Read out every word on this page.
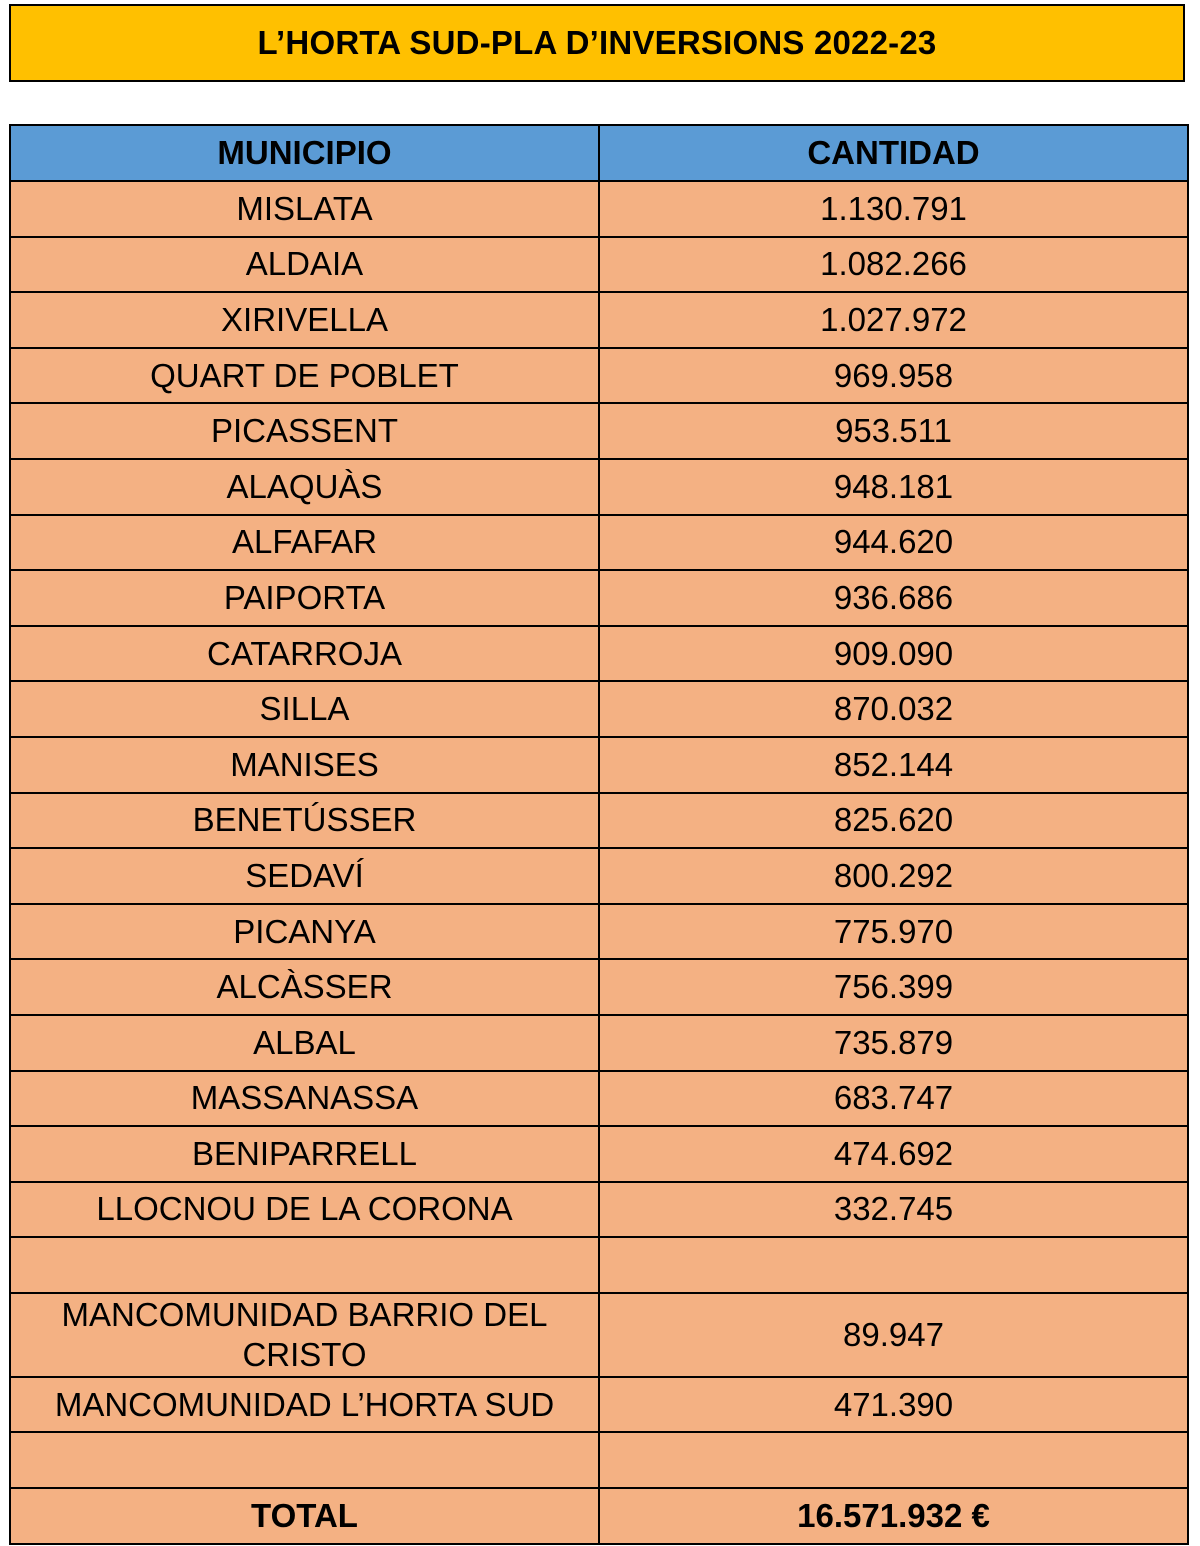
L’HORTA SUD-PLA D’INVERSIONS 2022-23
MUNICIPIO	CANTIDAD
MISLATA	1.130.791
ALDAIA	1.082.266
XIRIVELLA	1.027.972
QUART DE POBLET	969.958
PICASSENT	953.511
ALAQUÀS	948.181
ALFAFAR	944.620
PAIPORTA	936.686
CATARROJA	909.090
SILLA	870.032
MANISES	852.144
BENETÚSSER	825.620
SEDAVÍ	800.292
PICANYA	775.970
ALCÀSSER	756.399
ALBAL	735.879
MASSANASSA	683.747
BENIPARRELL	474.692
LLOCNOU DE LA CORONA	332.745

MANCOMUNIDAD BARRIO DEL CRISTO	89.947
MANCOMUNIDAD L’HORTA SUD	471.390

TOTAL	16.571.932 €
